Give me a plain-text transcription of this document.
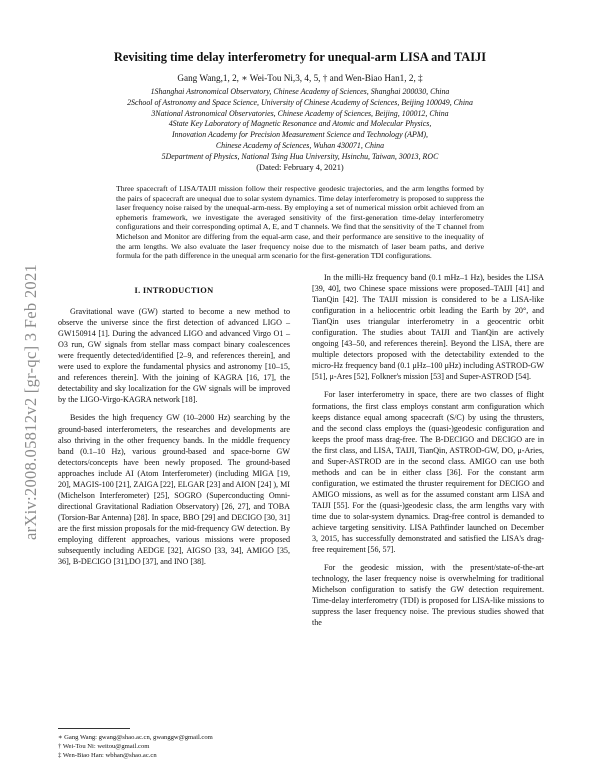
Revisiting time delay interferometry for unequal-arm LISA and TAIJI
Gang Wang,1, 2, ∗ Wei-Tou Ni,3, 4, 5, † and Wen-Biao Han1, 2, ‡
1Shanghai Astronomical Observatory, Chinese Academy of Sciences, Shanghai 200030, China
2School of Astronomy and Space Science, University of Chinese Academy of Sciences, Beijing 100049, China
3National Astronomical Observatories, Chinese Academy of Sciences, Beijing, 100012, China
4State Key Laboratory of Magnetic Resonance and Atomic and Molecular Physics,
Innovation Academy for Precision Measurement Science and Technology (APM),
Chinese Academy of Sciences, Wuhan 430071, China
5Department of Physics, National Tsing Hua University, Hsinchu, Taiwan, 30013, ROC
(Dated: February 4, 2021)
Three spacecraft of LISA/TAIJI mission follow their respective geodesic trajectories, and the arm lengths formed by the pairs of spacecraft are unequal due to solar system dynamics. Time delay interferometry is proposed to suppress the laser frequency noise raised by the unequal-arm-ness. By employing a set of numerical mission orbit achieved from an ephemeris framework, we investigate the averaged sensitivity of the first-generation time-delay interferometry configurations and their corresponding optimal A, E, and T channels. We find that the sensitivity of the T channel from Michelson and Monitor are differing from the equal-arm case, and their performance are sensitive to the inequality of the arm lengths. We also evaluate the laser frequency noise due to the mismatch of laser beam paths, and derive formula for the path difference in the unequal arm scenario for the first-generation TDI configurations.
arXiv:2008.05812v2 [gr-qc] 3 Feb 2021	I. INTRODUCTION

Gravitational wave (GW) started to become a new method to observe the universe since the first detection of advanced LIGO – GW150914 [1]. During the advanced LIGO and advanced Virgo O1 – O3 run, GW signals from stellar mass compact binary coalescences were frequently detected/identified [2–9, and references therein], and were used to explore the fundamental physics and astronomy [10–15, and references therein]. With the joining of KAGRA [16, 17], the detectability and sky localization for the GW signals will be improved by the LIGO-Virgo-KAGRA network [18].

Besides the high frequency GW (10–2000 Hz) searching by the ground-based interferometers, the researches and developments are also thriving in the other frequency bands. In the middle frequency band (0.1–10 Hz), various ground-based and space-borne GW detectors/concepts have been newly proposed. The ground-based approaches include AI (Atom Interferometer) (including MIGA [19, 20], MAGIS-100 [21], ZAIGA [22], ELGAR [23] and AION [24] ), MI (Michelson Interferometer) [25], SOGRO (Superconducting Omni-directional Gravitational Radiation Observatory) [26, 27], and TOBA (Torsion-Bar Antenna) [28]. In space, BBO [29] and DECIGO [30, 31] are the first mission proposals for the mid-frequency GW detection. By employing different approaches, various missions were proposed subsequently including AEDGE [32], AIGSO [33, 34], AMIGO [35, 36], B-DECIGO [31],DO [37], and INO [38].

In the milli-Hz frequency band (0.1 mHz–1 Hz), besides the LISA [39, 40], two Chinese space missions were proposed–TAIJI [41] and TianQin [42]. The TAIJI mission is considered to be a LISA-like configuration in a heliocentric orbit leading the Earth by 20°, and TianQin uses triangular interferometry in a geocentric orbit configuration. The studies about TAIJI and TianQin are actively ongoing [43–50, and references therein]. Beyond the LISA, there are multiple detectors proposed with the detectability extended to the micro-Hz frequency band (0.1 μHz–100 μHz) including ASTROD-GW [51], μ-Ares [52], Folkner's mission [53] and Super-ASTROD [54].

For laser interferometry in space, there are two classes of flight formations, the first class employs constant arm configuration which keeps distance equal among spacecraft (S/C) by using the thrusters, and the second class employs the (quasi-)geodesic configuration and keeps the proof mass drag-free. The B-DECIGO and DECIGO are in the first class, and LISA, TAIJI, TianQin, ASTROD-GW, DO, μ-Aries, and Super-ASTROD are in the second class. AMIGO can use both methods and can be in either class [36]. For the constant arm configuration, we estimated the thruster requirement for DECIGO and AMIGO missions, as well as for the assumed constant arm LISA and TAIJI [55]. For the (quasi-)geodesic class, the arm lengths vary with time due to solar-system dynamics. Drag-free control is demanded to achieve targeting sensitivity. LISA Pathfinder launched on December 3, 2015, has successfully demonstrated and satisfied the LISA's drag-free requirement [56, 57].

For the geodesic mission, with the present/state-of-the-art technology, the laser frequency noise is overwhelming for traditional Michelson configuration to satisfy the GW detection requirement. Time-delay interferometry (TDI) is proposed for LISA-like missions to suppress the laser frequency noise. The previous studies showed that the

∗ Gang Wang: gwang@shao.ac.cn, gwanggw@gmail.com
† Wei-Tou Ni: weitou@gmail.com
‡ Wen-Biao Han: wbhan@shao.ac.cn
